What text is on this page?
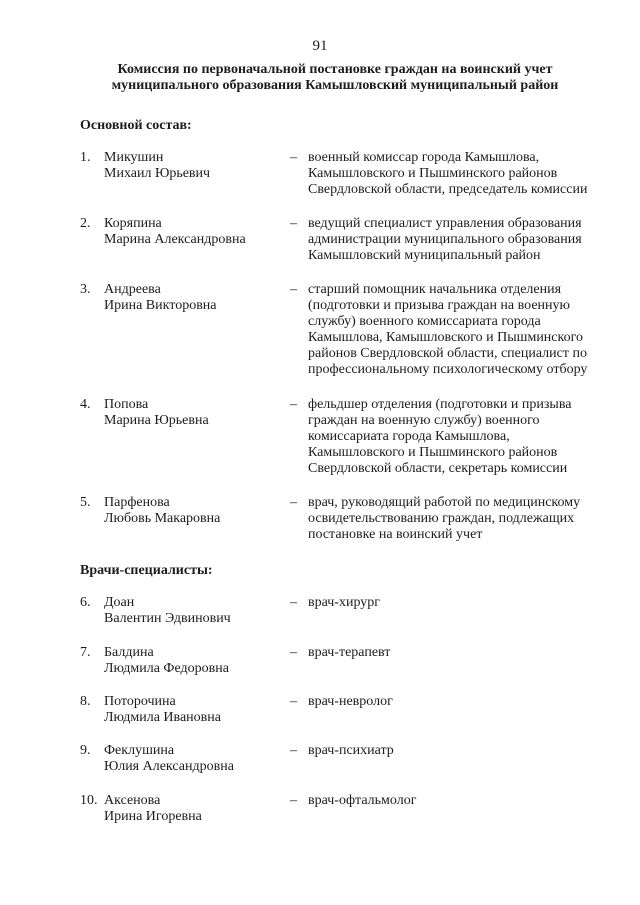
91
Комиссия по первоначальной постановке граждан на воинский учет
муниципального образования Камышловский муниципальный район
Основной состав:
1. Микушин
Михаил Юрьевич
– военный комиссар города Камышлова,
Камышловского и Пышминского районов
Свердловской области, председатель комиссии
2. Коряпина
Марина Александровна
– ведущий специалист управления образования
администрации муниципального образования
Камышловский муниципальный район
3. Андреева
Ирина Викторовна
– старший помощник начальника отделения
(подготовки и призыва граждан на военную
службу) военного комиссариата города
Камышлова, Камышловского и Пышминского
районов Свердловской области, специалист по
профессиональному психологическому отбору
4. Попова
Марина Юрьевна
– фельдшер отделения (подготовки и призыва
граждан на военную службу) военного
комиссариата города Камышлова,
Камышловского и Пышминского районов
Свердловской области, секретарь комиссии
5. Парфенова
Любовь Макаровна
– врач, руководящий работой по медицинскому
освидетельствованию граждан, подлежащих
постановке на воинский учет
Врачи-специалисты:
6. Доан
Валентин Эдвинович
– врач-хирург
7. Балдина
Людмила Федоровна
– врач-терапевт
8. Поторочина
Людмила Ивановна
– врач-невролог
9. Феклушина
Юлия Александровна
– врач-психиатр
10. Аксенова
Ирина Игоревна
– врач-офтальмолог
